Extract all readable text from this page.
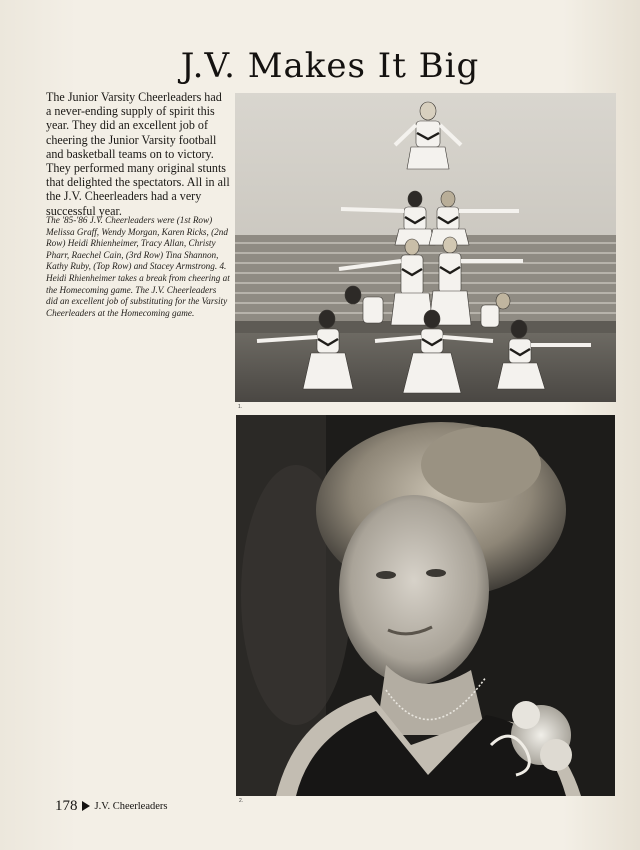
J.V. Makes It Big

The Junior Varsity Cheerleaders had a never-ending supply of spirit this year. They did an excellent job of cheering the Junior Varsity football and basketball teams on to victory. They performed many original stunts that delighted the spectators. All in all the J.V. Cheerleaders had a very successful year.

The '85-'86 J.V. Cheerleaders were (1st Row) Melissa Graff, Wendy Morgan, Karen Ricks, (2nd Row) Heidi Rhienheimer, Tracy Allan, Christy Pharr, Raechel Cain, (3rd Row) Tina Shannon, Kathy Ruby, (Top Row) and Stacey Armstrong. 4. Heidi Rhienheimer takes a break from cheering at the Homecoming game. The J.V. Cheerleaders did an excellent job of substituting for the Varsity Cheerleaders at the Homecoming game.

1.
2.
178 J.V. Cheerleaders
